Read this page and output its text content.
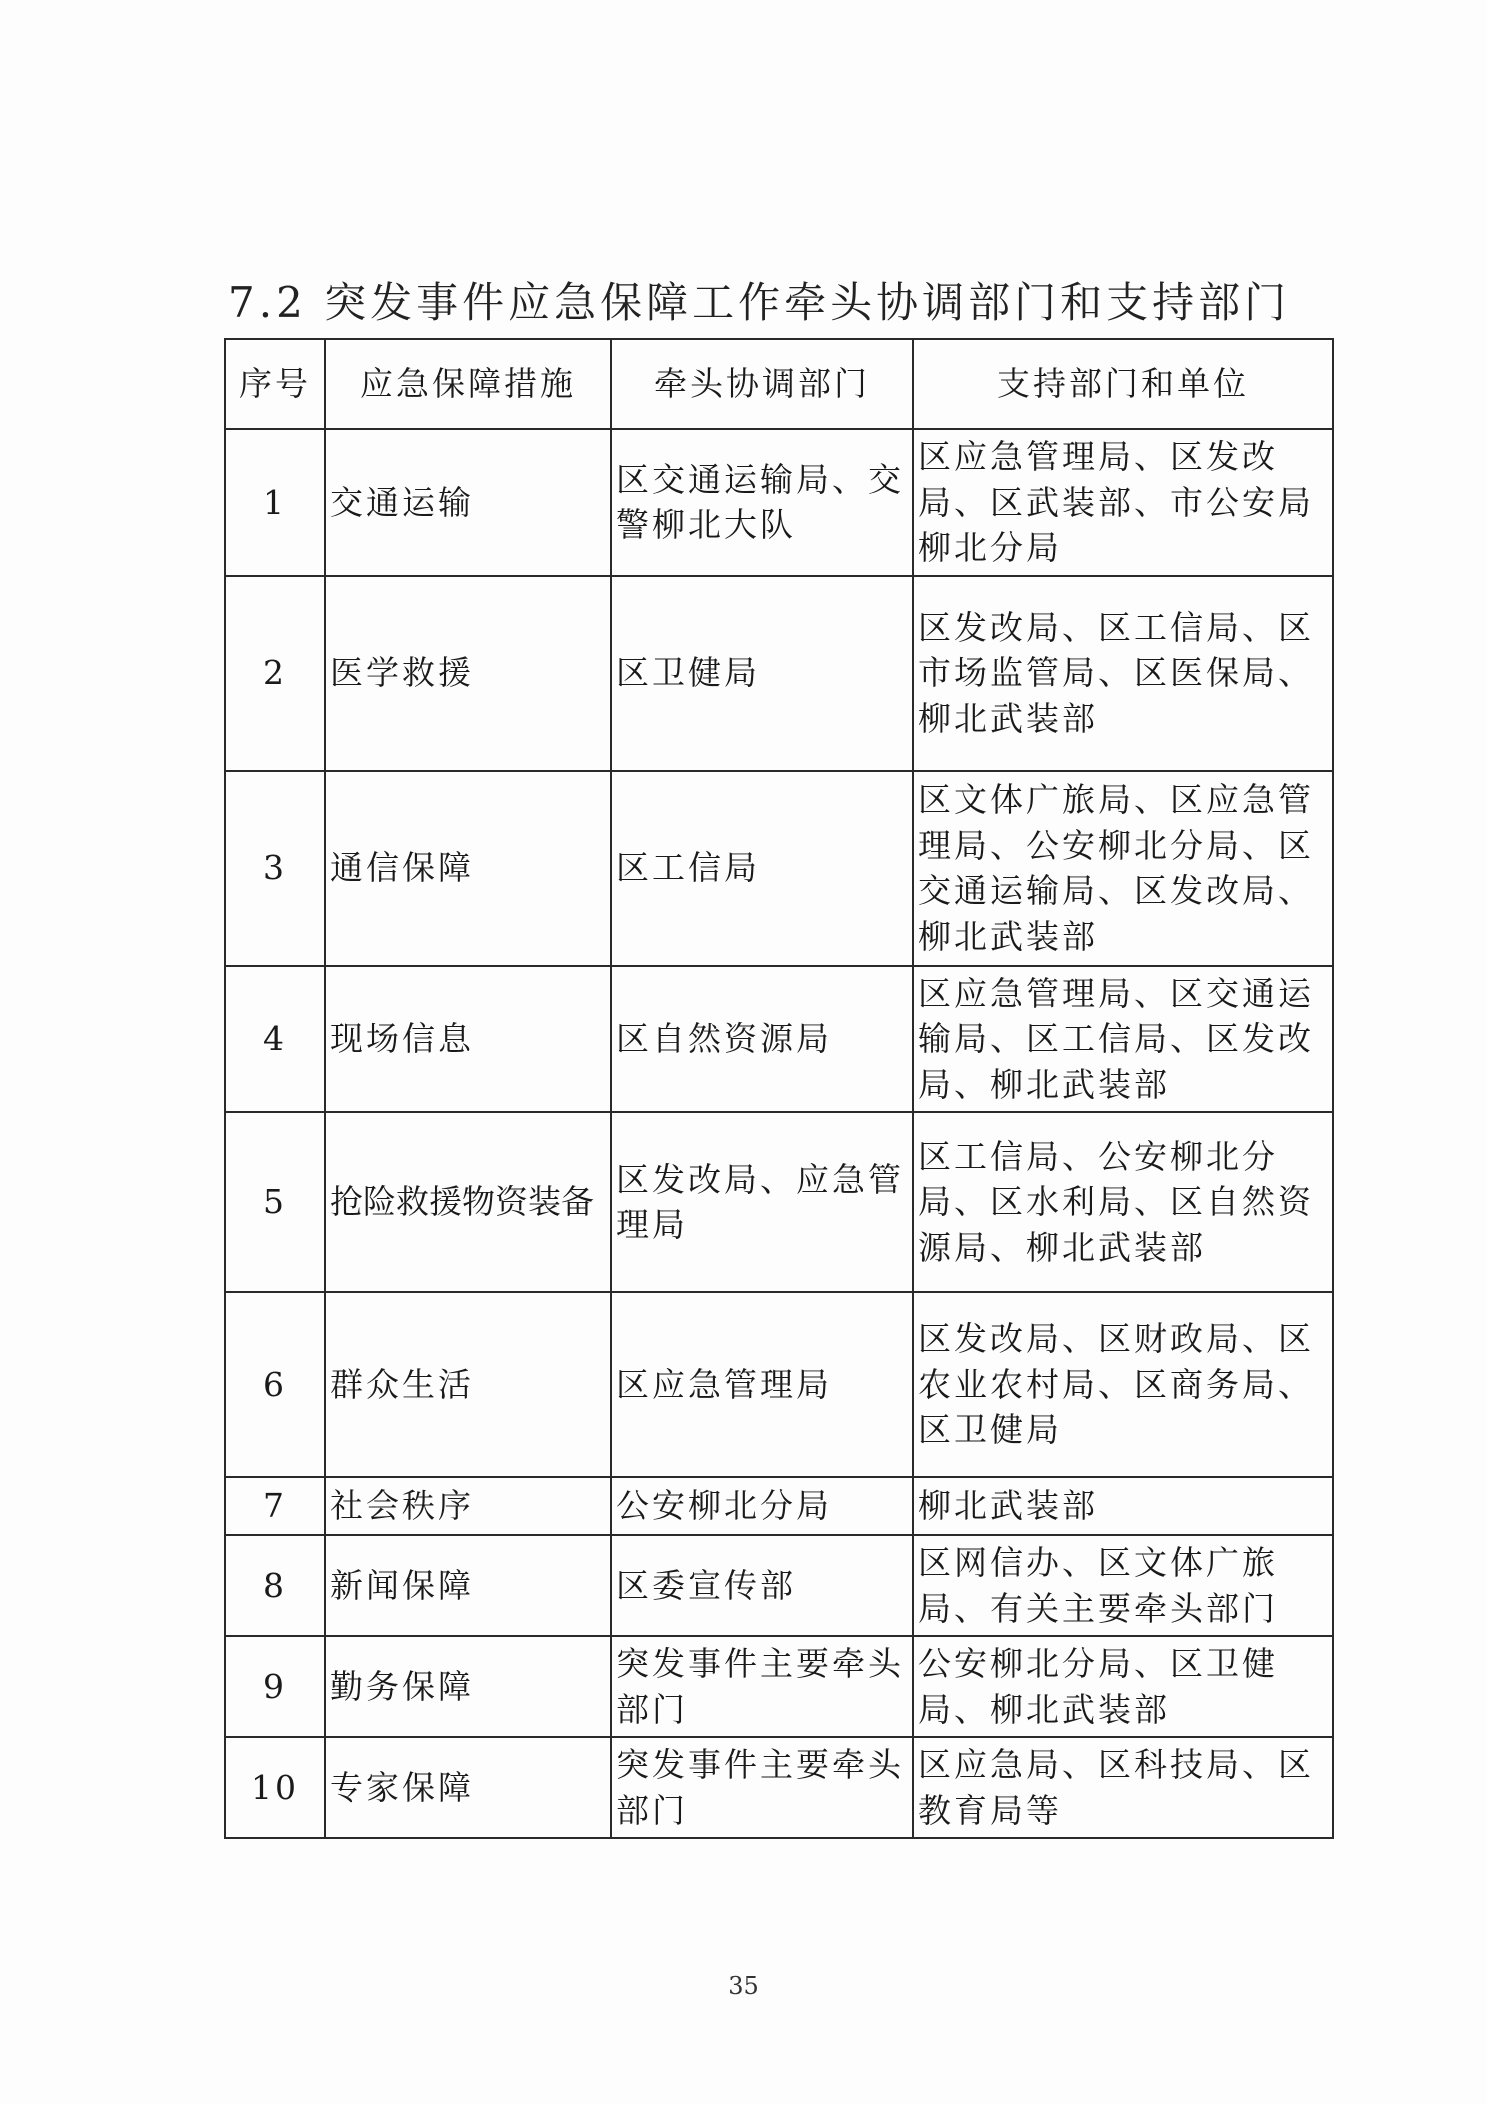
7.2 突发事件应急保障工作牵头协调部门和支持部门
序号	应急保障措施	牵头协调部门	支持部门和单位
1	交通运输	区交通运输局、交警柳北大队	区应急管理局、区发改局、区武装部、市公安局柳北分局
2	医学救援	区卫健局	区发改局、区工信局、区市场监管局、区医保局、柳北武装部
3	通信保障	区工信局	区文体广旅局、区应急管理局、公安柳北分局、区交通运输局、区发改局、柳北武装部
4	现场信息	区自然资源局	区应急管理局、区交通运输局、区工信局、区发改局、柳北武装部
5	抢险救援物资装备	区发改局、应急管理局	区工信局、公安柳北分局、区水利局、区自然资源局、柳北武装部
6	群众生活	区应急管理局	区发改局、区财政局、区农业农村局、区商务局、区卫健局
7	社会秩序	公安柳北分局	柳北武装部
8	新闻保障	区委宣传部	区网信办、区文体广旅局、有关主要牵头部门
9	勤务保障	突发事件主要牵头部门	公安柳北分局、区卫健局、柳北武装部
10	专家保障	突发事件主要牵头部门	区应急局、区科技局、区教育局等
35
